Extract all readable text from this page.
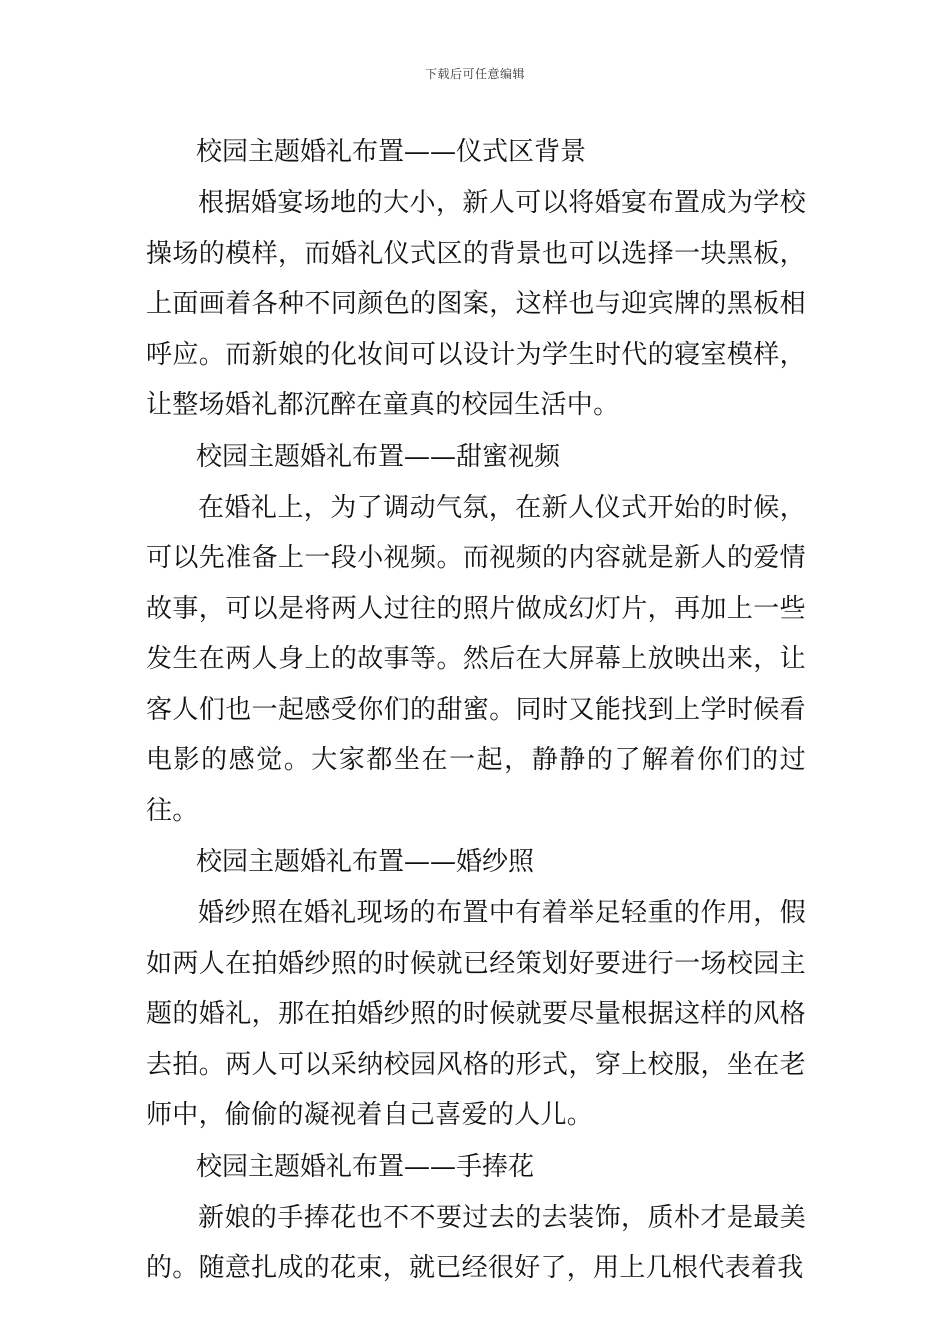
下载后可任意编辑
校园主题婚礼布置——仪式区背景

根据婚宴场地的大小，新人可以将婚宴布置成为学校操场的模样，而婚礼仪式区的背景也可以选择一块黑板，上面画着各种不同颜色的图案，这样也与迎宾牌的黑板相呼应。而新娘的化妆间可以设计为学生时代的寝室模样，让整场婚礼都沉醉在童真的校园生活中。

校园主题婚礼布置——甜蜜视频

在婚礼上，为了调动气氛，在新人仪式开始的时候，可以先准备上一段小视频。而视频的内容就是新人的爱情故事，可以是将两人过往的照片做成幻灯片，再加上一些发生在两人身上的故事等。然后在大屏幕上放映出来，让客人们也一起感受你们的甜蜜。同时又能找到上学时候看电影的感觉。大家都坐在一起，静静的了解着你们的过往。

校园主题婚礼布置——婚纱照

婚纱照在婚礼现场的布置中有着举足轻重的作用，假如两人在拍婚纱照的时候就已经策划好要进行一场校园主题的婚礼，那在拍婚纱照的时候就要尽量根据这样的风格去拍。两人可以采纳校园风格的形式，穿上校服，坐在老师中，偷偷的凝视着自己喜爱的人儿。

校园主题婚礼布置——手捧花

新娘的手捧花也不不要过去的去装饰，质朴才是最美的。随意扎成的花束，就已经很好了，用上几根代表着我
